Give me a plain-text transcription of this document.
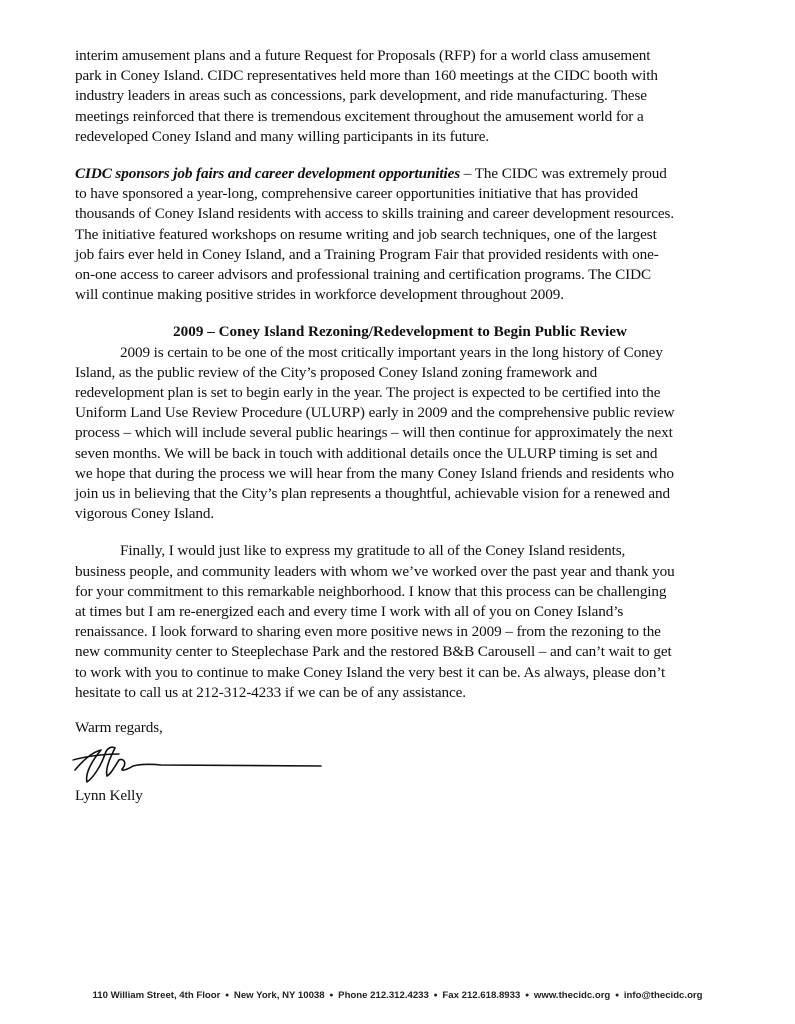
interim amusement plans and a future Request for Proposals (RFP) for a world class amusement
park in Coney Island. CIDC representatives held more than 160 meetings at the CIDC booth with
industry leaders in areas such as concessions, park development, and ride manufacturing. These
meetings reinforced that there is tremendous excitement throughout the amusement world for a
redeveloped Coney Island and many willing participants in its future.
CIDC sponsors job fairs and career development opportunities – The CIDC was extremely proud
to have sponsored a year-long, comprehensive career opportunities initiative that has provided
thousands of Coney Island residents with access to skills training and career development resources.
The initiative featured workshops on resume writing and job search techniques, one of the largest
job fairs ever held in Coney Island, and a Training Program Fair that provided residents with one-
on-one access to career advisors and professional training and certification programs. The CIDC
will continue making positive strides in workforce development throughout 2009.
2009 – Coney Island Rezoning/Redevelopment to Begin Public Review
2009 is certain to be one of the most critically important years in the long history of Coney
Island, as the public review of the City’s proposed Coney Island zoning framework and
redevelopment plan is set to begin early in the year. The project is expected to be certified into the
Uniform Land Use Review Procedure (ULURP) early in 2009 and the comprehensive public review
process – which will include several public hearings – will then continue for approximately the next
seven months. We will be back in touch with additional details once the ULURP timing is set and
we hope that during the process we will hear from the many Coney Island friends and residents who
join us in believing that the City’s plan represents a thoughtful, achievable vision for a renewed and
vigorous Coney Island.
Finally, I would just like to express my gratitude to all of the Coney Island residents,
business people, and community leaders with whom we’ve worked over the past year and thank you
for your commitment to this remarkable neighborhood. I know that this process can be challenging
at times but I am re-energized each and every time I work with all of you on Coney Island’s
renaissance. I look forward to sharing even more positive news in 2009 – from the rezoning to the
new community center to Steeplechase Park and the restored B&B Carousell – and can’t wait to get
to work with you to continue to make Coney Island the very best it can be. As always, please don’t
hesitate to call us at 212-312-4233 if we can be of any assistance.
Warm regards,
Lynn Kelly
110 William Street, 4th Floor ● New York, NY 10038 ● Phone 212.312.4233 ● Fax 212.618.8933 ● www.thecidc.org ● info@thecidc.org
